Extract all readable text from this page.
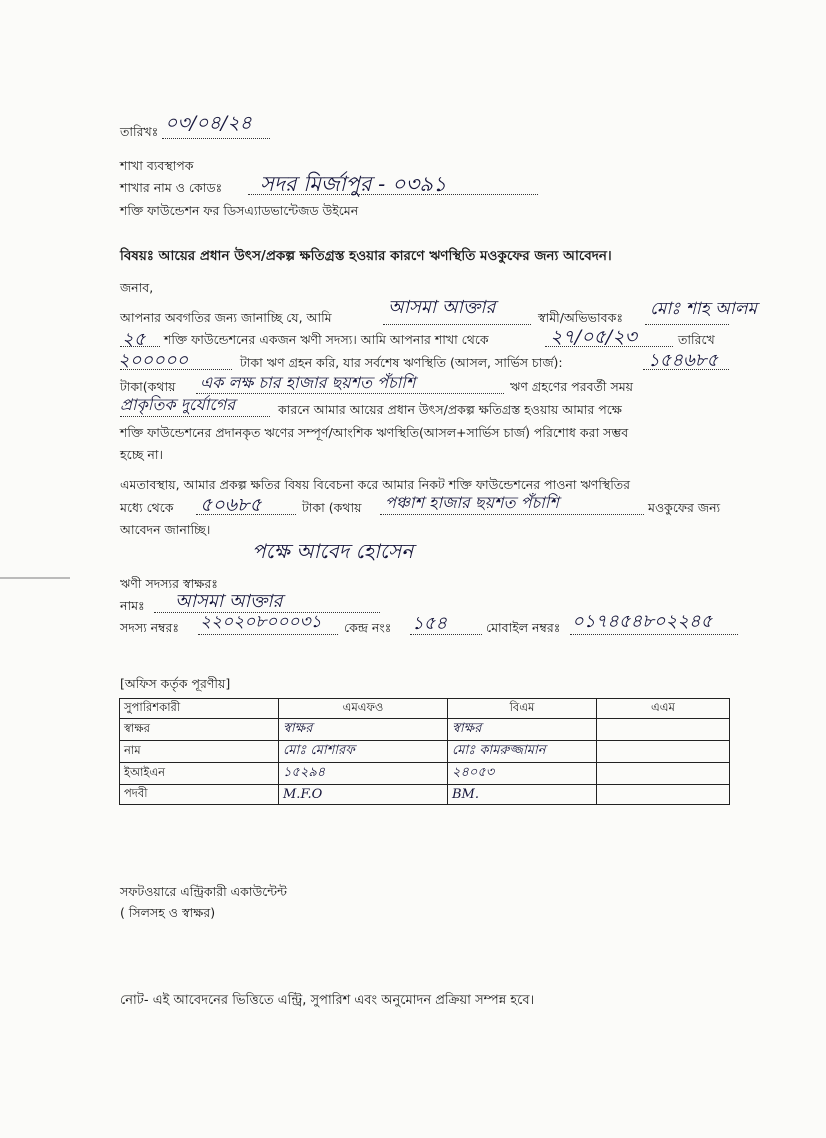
তারিখঃ ০৩/০৪/২৪
শাখা ব্যবস্থাপক
শাখার নাম ও কোডঃ সদর মির্জাপুর - ০৩৯১
শক্তি ফাউন্ডেশন ফর ডিসএ্যাডভান্টেজড উইমেন
বিষয়ঃ আয়ের প্রধান উৎস/প্রকল্প ক্ষতিগ্রস্ত হওয়ার কারণে ঋণস্থিতি মওকুফের জন্য আবেদন।
জনাব,
আপনার অবগতির জন্য জানাচ্ছি যে, আমি	আসমা আক্তার	স্বামী/অভিভাবকঃ মোঃ শাহ আলম
২৫ শক্তি ফাউন্ডেশনের একজন ঋণী সদস্য। আমি আপনার শাখা থেকে	২৭/০৫/২৩	তারিখে
২০০০০০	টাকা ঋণ গ্রহন করি, যার সর্বশেষ ঋণস্থিতি (আসল, সার্ভিস চার্জ):	১৫৪৬৮৫
টাকা(কথায় এক লক্ষ চার হাজার ছয়শত পঁচাশি	ঋণ গ্রহণের পরবর্তী সময়
প্রাকৃতিক দুর্যোগের	কারনে আমার আয়ের প্রধান উৎস/প্রকল্প ক্ষতিগ্রস্ত হওয়ায় আমার পক্ষে
শক্তি ফাউন্ডেশনের প্রদানকৃত ঋণের সম্পূর্ণ/আংশিক ঋণস্থিতি(আসল+সার্ভিস চার্জ) পরিশোধ করা সম্ভব
হচ্ছে না।
এমতাবস্থায়, আমার প্রকল্প ক্ষতির বিষয় বিবেচনা করে আমার নিকট শক্তি ফাউন্ডেশনের পাওনা ঋণস্থিতির
মধ্যে থেকে ৫০৬৮৫	টাকা (কথায় পঞ্চাশ হাজার ছয়শত পঁচাশি	মওকুফের জন্য
আবেদন জানাচ্ছি।
পক্ষে আবেদ হোসেন
ঋণী সদস্যর স্বাক্ষরঃ
নামঃ আসমা আক্তার
সদস্য নম্বরঃ ২২০২০৮০০০৩১ কেন্দ্র নংঃ ১৫৪	মোবাইল নম্বরঃ ০১৭৪৫৪৮০২২৪৫
[অফিস কর্তৃক পূরণীয়]
সুপারিশকারী	এমএফও	বিএম	এএম
স্বাক্ষর	স্বাক্ষর	স্বাক্ষর	
নাম	মোঃ মোশারফ	মোঃ কামরুজ্জামান	
ইআইএন	১৫২৯৪	২৪০৫৩	
পদবী	M.F.O	BM.	
সফটওয়ারে এন্ট্রিকারী একাউন্টেন্ট
( সিলসহ ও স্বাক্ষর)
নোট- এই আবেদনের ভিত্তিতে এন্ট্রি, সুপারিশ এবং অনুমোদন প্রক্রিয়া সম্পন্ন হবে।
